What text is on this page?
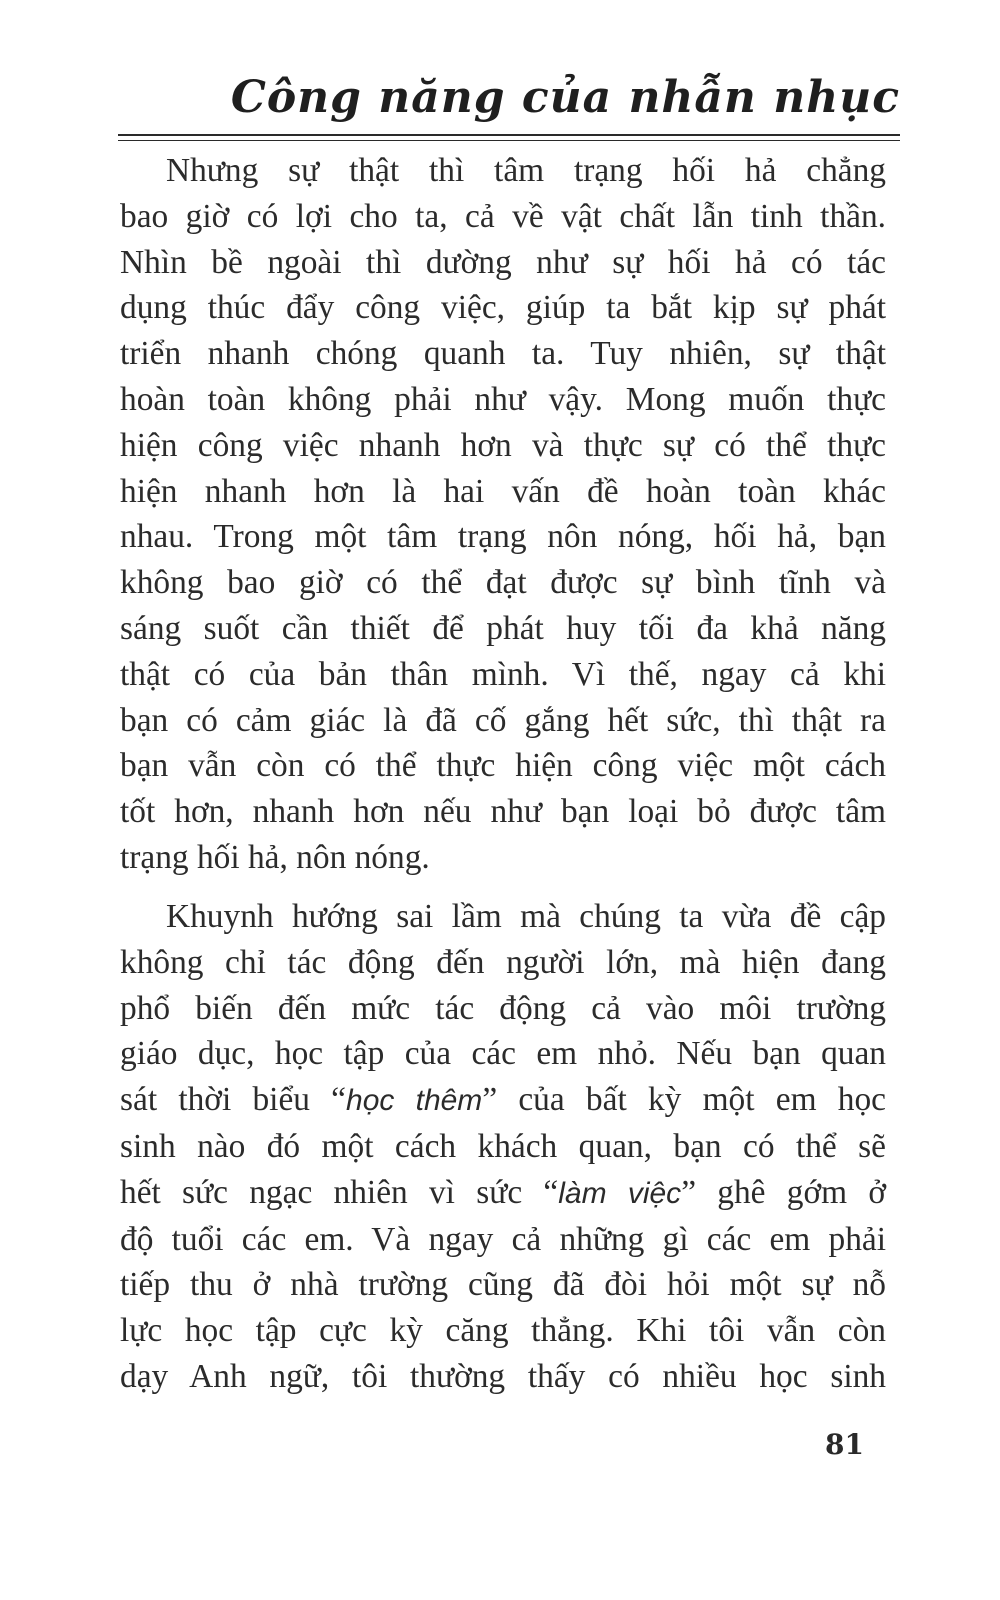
Công năng của nhẫn nhục
Nhưng sự thật thì tâm trạng hối hả chẳng
bao giờ có lợi cho ta, cả về vật chất lẫn tinh thần.
Nhìn bề ngoài thì dường như sự hối hả có tác
dụng thúc đẩy công việc, giúp ta bắt kịp sự phát
triển nhanh chóng quanh ta. Tuy nhiên, sự thật
hoàn toàn không phải như vậy. Mong muốn thực
hiện công việc nhanh hơn và thực sự có thể thực
hiện nhanh hơn là hai vấn đề hoàn toàn khác
nhau. Trong một tâm trạng nôn nóng, hối hả, bạn
không bao giờ có thể đạt được sự bình tĩnh và
sáng suốt cần thiết để phát huy tối đa khả năng
thật có của bản thân mình. Vì thế, ngay cả khi
bạn có cảm giác là đã cố gắng hết sức, thì thật ra
bạn vẫn còn có thể thực hiện công việc một cách
tốt hơn, nhanh hơn nếu như bạn loại bỏ được tâm
trạng hối hả, nôn nóng.
Khuynh hướng sai lầm mà chúng ta vừa đề cập
không chỉ tác động đến người lớn, mà hiện đang
phổ biến đến mức tác động cả vào môi trường
giáo dục, học tập của các em nhỏ. Nếu bạn quan
sát thời biểu “học thêm” của bất kỳ một em học
sinh nào đó một cách khách quan, bạn có thể sẽ
hết sức ngạc nhiên vì sức “làm việc” ghê gớm ở
độ tuổi các em. Và ngay cả những gì các em phải
tiếp thu ở nhà trường cũng đã đòi hỏi một sự nỗ
lực học tập cực kỳ căng thẳng. Khi tôi vẫn còn
dạy Anh ngữ, tôi thường thấy có nhiều học sinh
81
